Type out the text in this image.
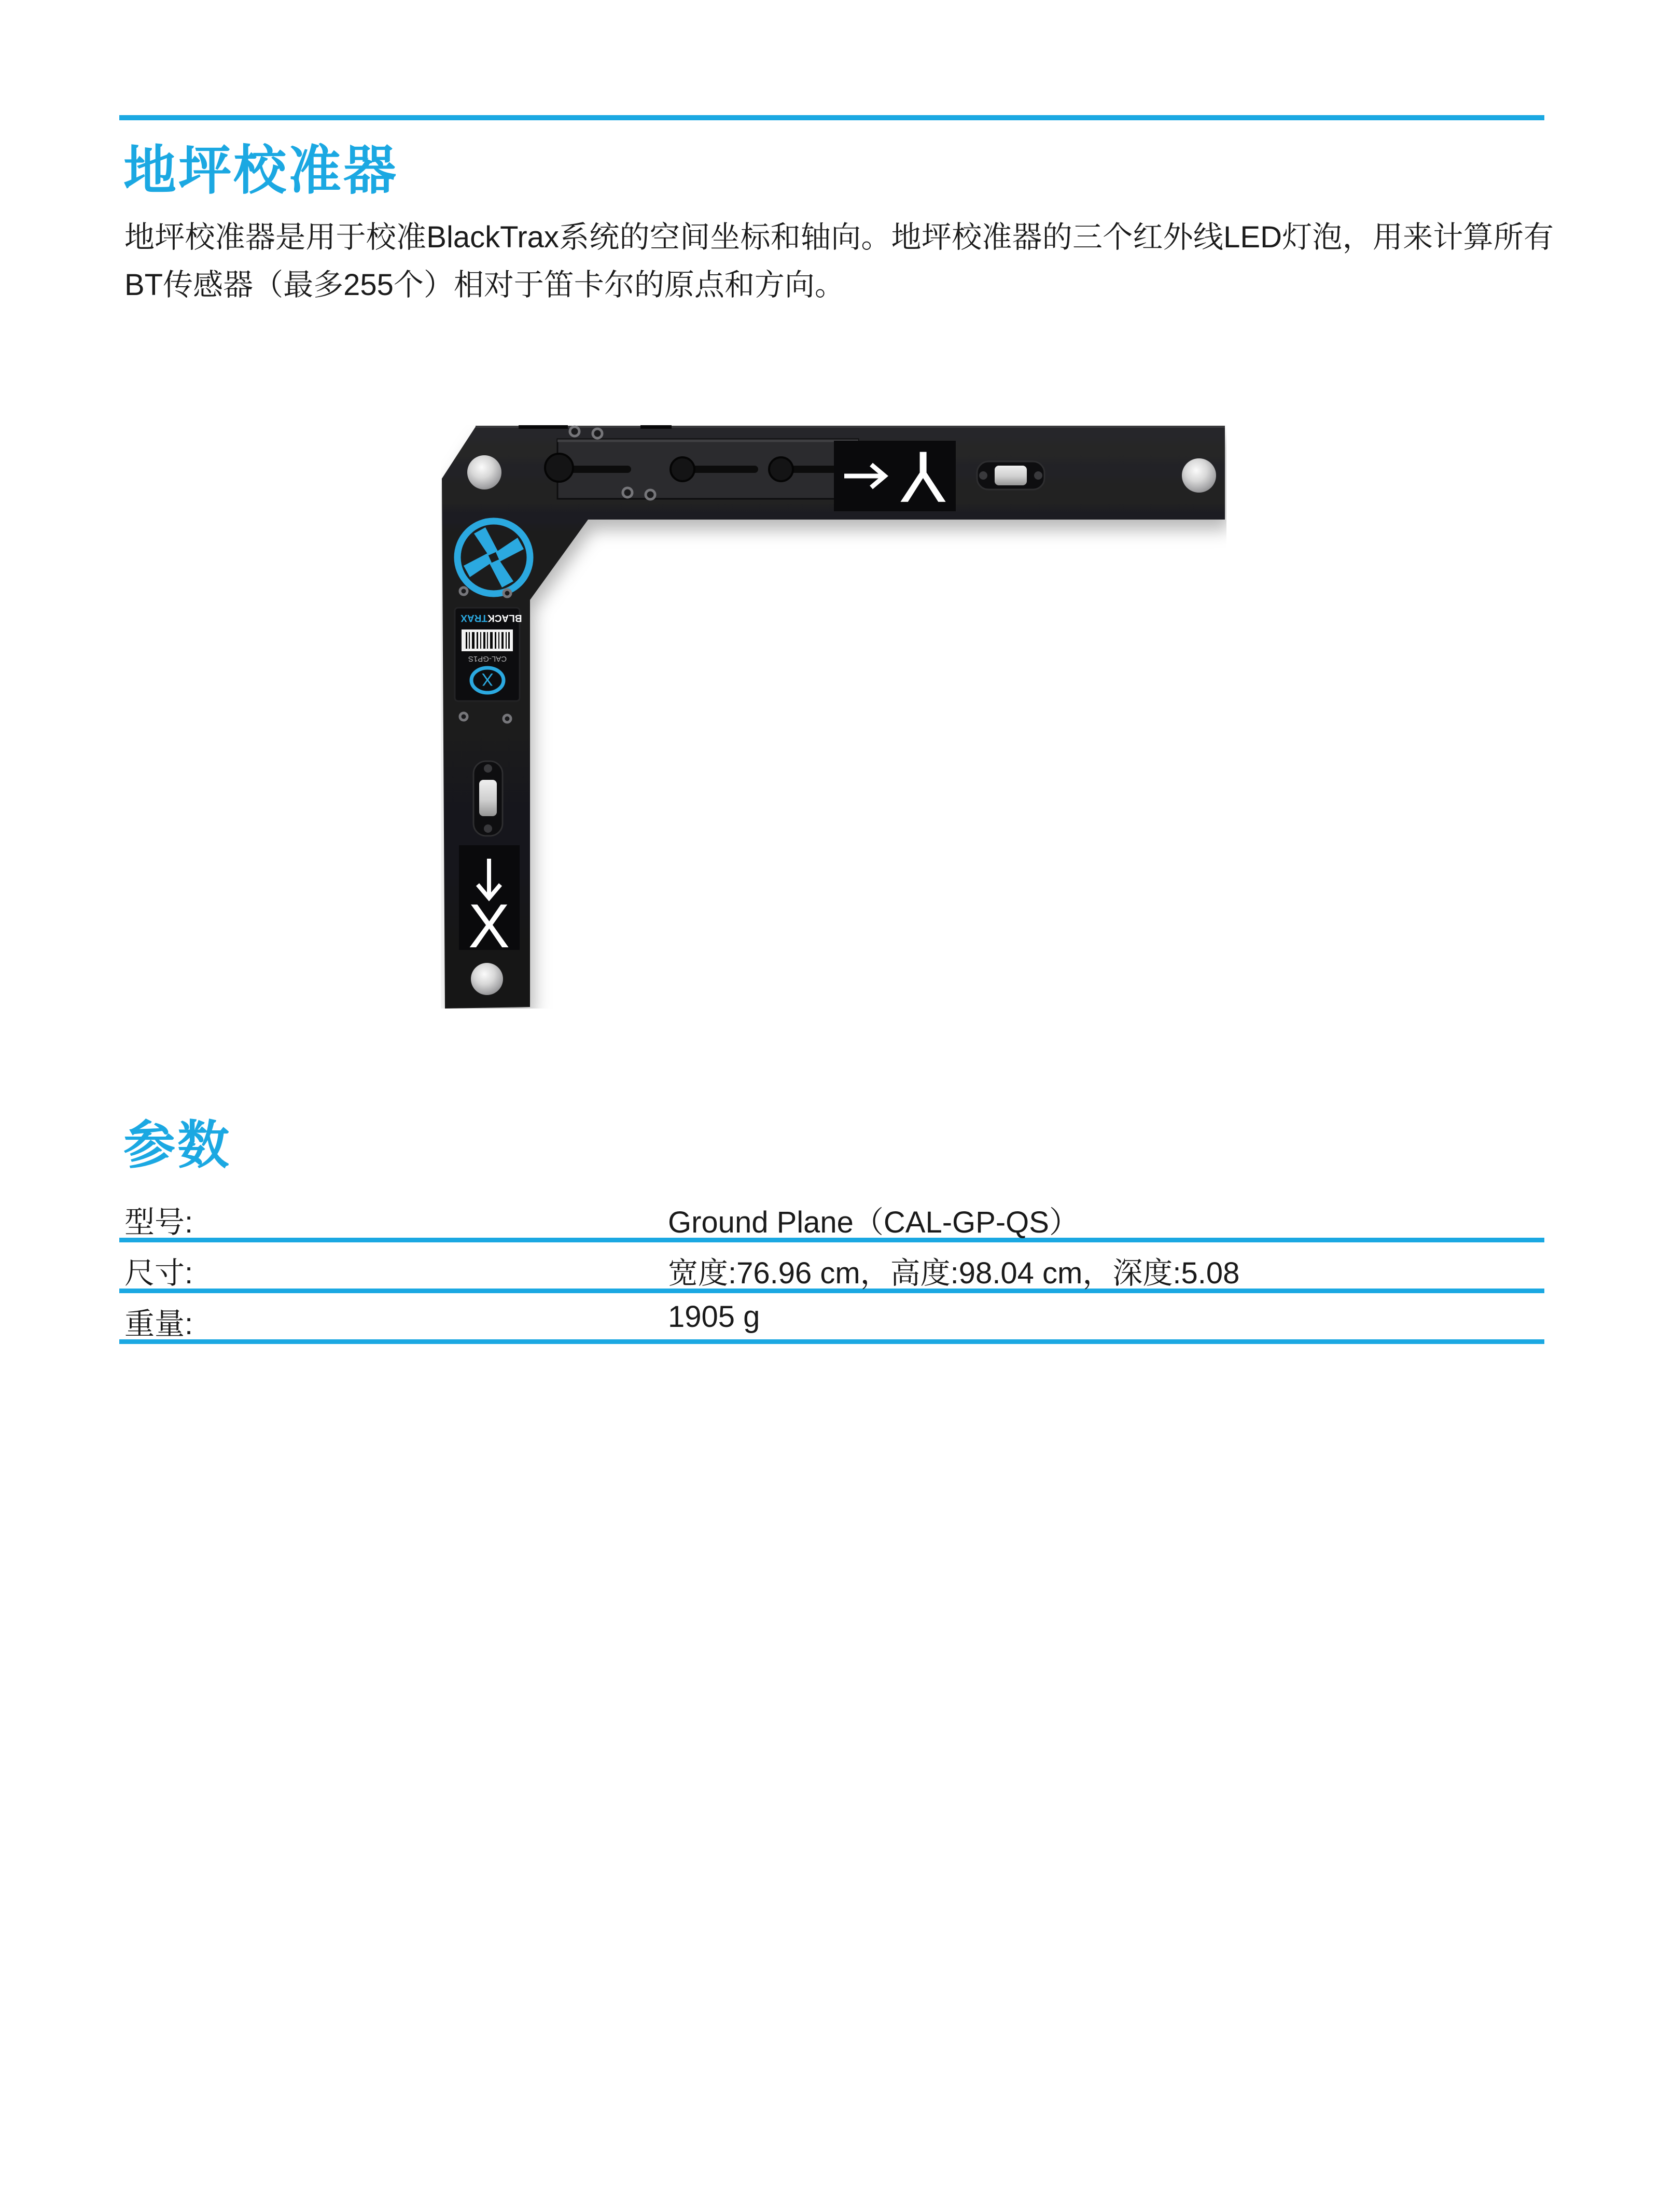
地坪校准器

地坪校准器是用于校准BlackTrax系统的空间坐标和轴向。地坪校准器的三个红外线LED灯泡，用来计算所有BT传感器（最多255个）相对于笛卡尔的原点和方向。

Y
X
CAL-GP1S
BLACK
TRAX
X
参数
型号:	Ground Plane（CAL-GP-QS）
尺寸:	宽度:76.96 cm，高度:98.04 cm，深度:5.08
重量:	1905 g
